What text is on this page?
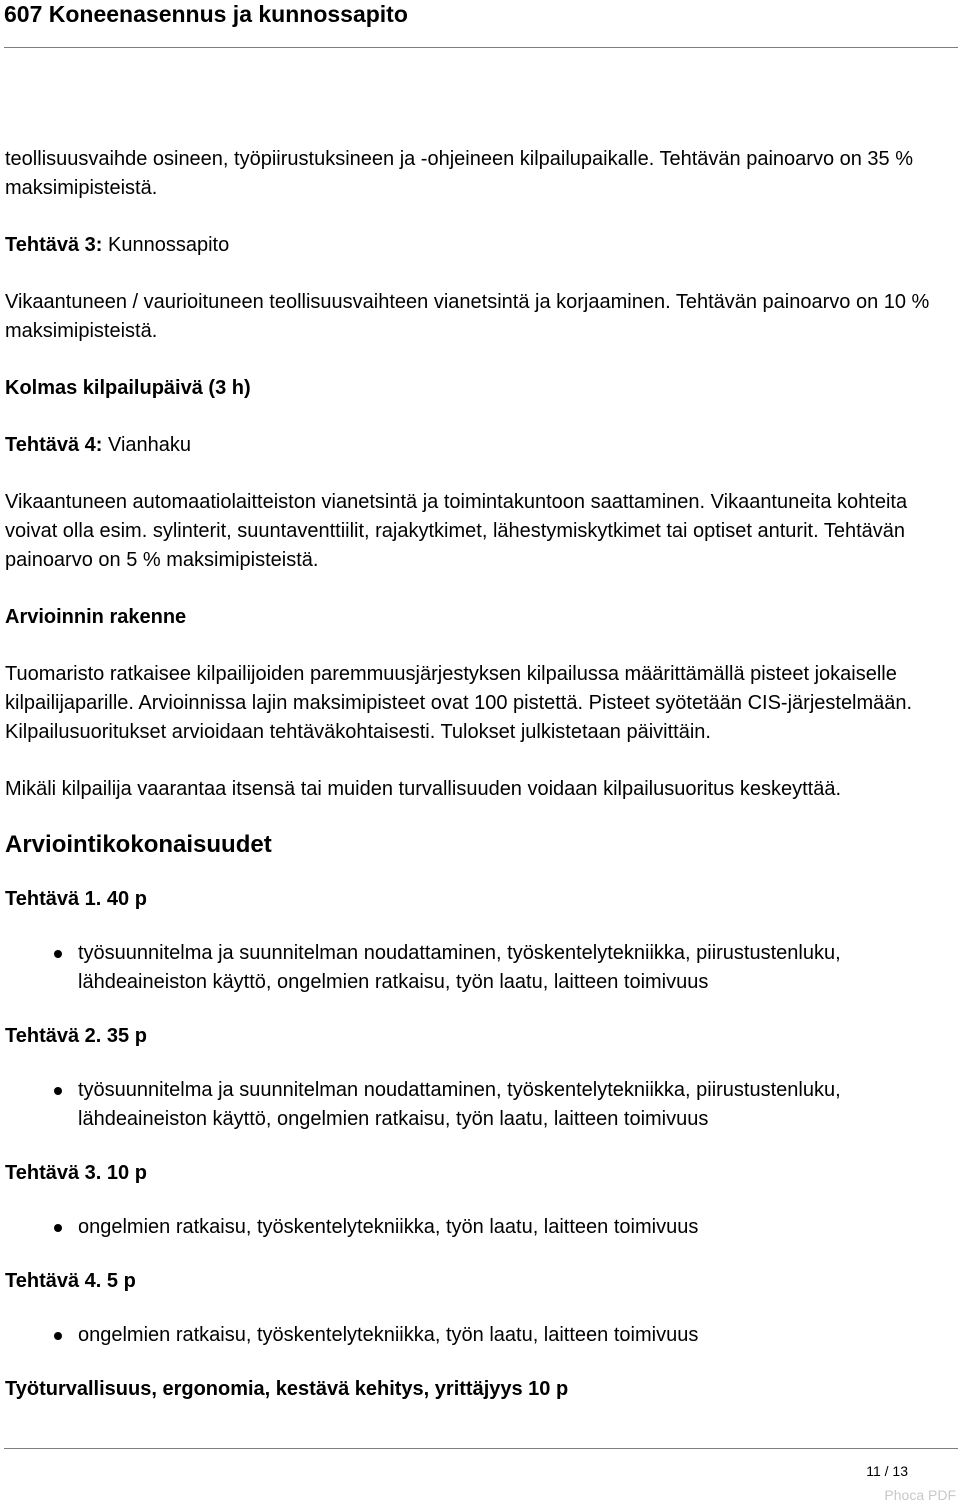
607 Koneenasennus ja kunnossapito

teollisuusvaihde osineen, työpiirustuksineen ja -ohjeineen kilpailupaikalle. Tehtävän painoarvo on 35 % maksimipisteistä.

Tehtävä 3: Kunnossapito

Vikaantuneen / vaurioituneen teollisuusvaihteen vianetsintä ja korjaaminen. Tehtävän painoarvo on 10 % maksimipisteistä.

Kolmas kilpailupäivä (3 h)

Tehtävä 4: Vianhaku

Vikaantuneen automaatiolaitteiston vianetsintä ja toimintakuntoon saattaminen. Vikaantuneita kohteita voivat olla esim. sylinterit, suuntaventtiilit, rajakytkimet, lähestymiskytkimet tai optiset anturit. Tehtävän painoarvo on 5 % maksimipisteistä.

Arvioinnin rakenne

Tuomaristo ratkaisee kilpailijoiden paremmuusjärjestyksen kilpailussa määrittämällä pisteet jokaiselle kilpailijaparille. Arvioinnissa lajin maksimipisteet ovat 100 pistettä. Pisteet syötetään CIS-järjestelmään. Kilpailusuoritukset arvioidaan tehtäväkohtaisesti. Tulokset julkistetaan päivittäin.

Mikäli kilpailija vaarantaa itsensä tai muiden turvallisuuden voidaan kilpailusuoritus keskeyttää.

Arviointikokonaisuudet

Tehtävä 1. 40 p

työsuunnitelma ja suunnitelman noudattaminen, työskentelytekniikka, piirustustenluku, lähdeaineiston käyttö, ongelmien ratkaisu, työn laatu, laitteen toimivuus

Tehtävä 2. 35 p

työsuunnitelma ja suunnitelman noudattaminen, työskentelytekniikka, piirustustenluku, lähdeaineiston käyttö, ongelmien ratkaisu, työn laatu, laitteen toimivuus

Tehtävä 3. 10 p

ongelmien ratkaisu, työskentelytekniikka, työn laatu, laitteen toimivuus

Tehtävä 4. 5 p

ongelmien ratkaisu, työskentelytekniikka, työn laatu, laitteen toimivuus

Työturvallisuus, ergonomia, kestävä kehitys, yrittäjyys 10 p

11 / 13
Phoca PDF
